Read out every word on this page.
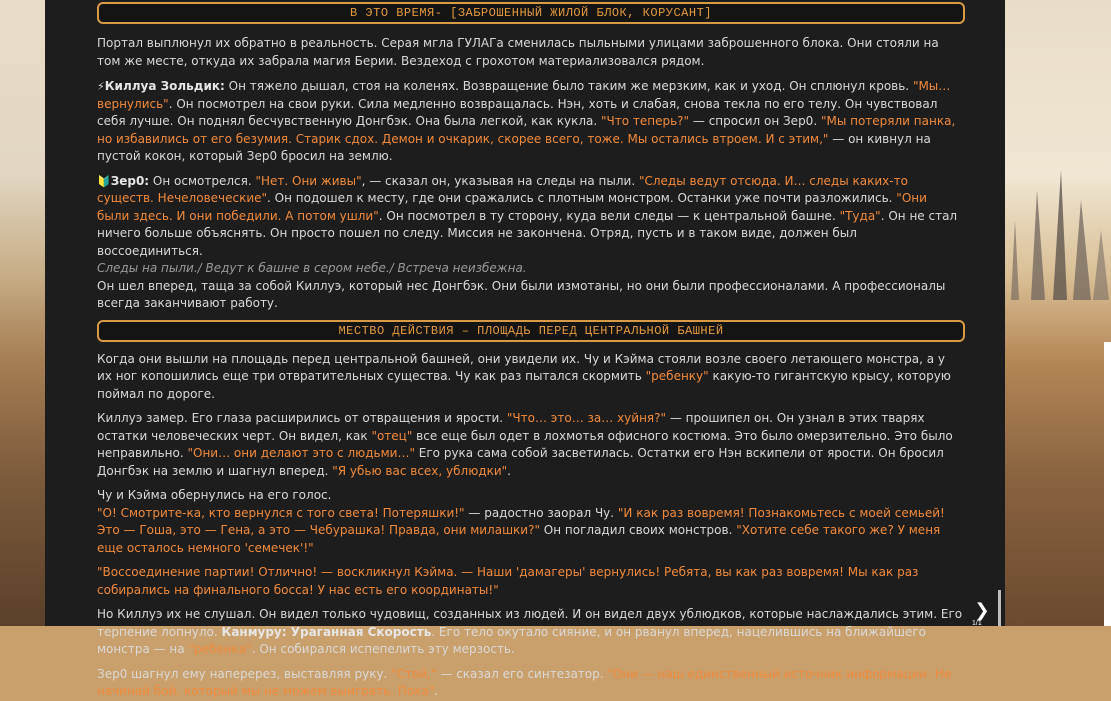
В ЭТО ВРЕМЯ- [ЗАБРОШЕННЫЙ ЖИЛОЙ БЛОК, КОРУСАНТ]

Портал выплюнул их обратно в реальность. Серая мгла ГУЛАГа сменилась пыльными улицами заброшенного блока. Они стояли на том же месте, откуда их забрала магия Берии. Вездеход с грохотом материализовался рядом.

⚡Киллуа Зольдик: Он тяжело дышал, стоя на коленях. Возвращение было таким же мерзким, как и уход. Он сплюнул кровь. "Мы… вернулись". Он посмотрел на свои руки. Сила медленно возвращалась. Нэн, хоть и слабая, снова текла по его телу. Он чувствовал себя лучше. Он поднял бесчувственную Донгбэк. Она была легкой, как кукла. "Что теперь?" — спросил он Зер0. "Мы потеряли панка, но избавились от его безумия. Старик сдох. Демон и очкарик, скорее всего, тоже. Мы остались втроем. И с этим," — он кивнул на пустой кокон, который Зер0 бросил на землю.

🔰Зер0: Он осмотрелся. "Нет. Они живы", — сказал он, указывая на следы на пыли. "Следы ведут отсюда. И… следы каких-то существ. Нечеловеческие". Он подошел к месту, где они сражались с плотным монстром. Останки уже почти разложились. "Они были здесь. И они победили. А потом ушли". Он посмотрел в ту сторону, куда вели следы — к центральной башне. "Туда". Он не стал ничего больше объяснять. Он просто пошел по следу. Миссия не закончена. Отряд, пусть и в таком виде, должен был воссоединиться.

Следы на пыли./ Ведут к башне в сером небе./ Встреча неизбежна.

Он шел вперед, таща за собой Киллуэ, который нес Донгбэк. Они были измотаны, но они были профессионалами. А профессионалы всегда заканчивают работу.

МЕСТВО ДЕЙСТВИЯ – ПЛОЩАДЬ ПЕРЕД ЦЕНТРАЛЬНОЙ БАШНЕЙ

Когда они вышли на площадь перед центральной башней, они увидели их. Чу и Кэйма стояли возле своего летающего монстра, а у их ног копошились еще три отвратительных существа. Чу как раз пытался скормить "ребенку" какую-то гигантскую крысу, которую поймал по дороге.

Киллуэ замер. Его глаза расширились от отвращения и ярости. "Что… это… за… хуйня?" — прошипел он. Он узнал в этих тварях остатки человеческих черт. Он видел, как "отец" все еще был одет в лохмотья офисного костюма. Это было омерзительно. Это было неправильно. "Они… они делают это с людьми…" Его рука сама собой засветилась. Остатки его Нэн вскипели от ярости. Он бросил Донгбэк на землю и шагнул вперед. "Я убью вас всех, ублюдки".

Чу и Кэйма обернулись на его голос.
"О! Смотрите-ка, кто вернулся с того света! Потеряшки!" — радостно заорал Чу. "И как раз вовремя! Познакомьтесь с моей семьей! Это — Гоша, это — Гена, а это — Чебурашка! Правда, они милашки?" Он погладил своих монстров. "Хотите себе такого же? У меня еще осталось немного 'семечек'!"

"Воссоединение партии! Отлично! — воскликнул Кэйма. — Наши 'дамагеры' вернулись! Ребята, вы как раз вовремя! Мы как раз собирались на финального босса! У нас есть его координаты!"

Но Киллуэ их не слушал. Он видел только чудовищ, созданных из людей. И он видел двух ублюдков, которые наслаждались этим. Его терпение лопнуло. Канмуру: Ураганная Скорость. Его тело окутало сияние, и он рванул вперед, нацелившись на ближайшего монстра — на "ребенка". Он собирался испепелить эту мерзость.

Зер0 шагнул ему наперерез, выставляя руку. "Стой," — сказал его синтезатор. "Они — наш единственный источник информации. Не начинай бой, который мы не можем выиграть. Пока".

❯
1/1
